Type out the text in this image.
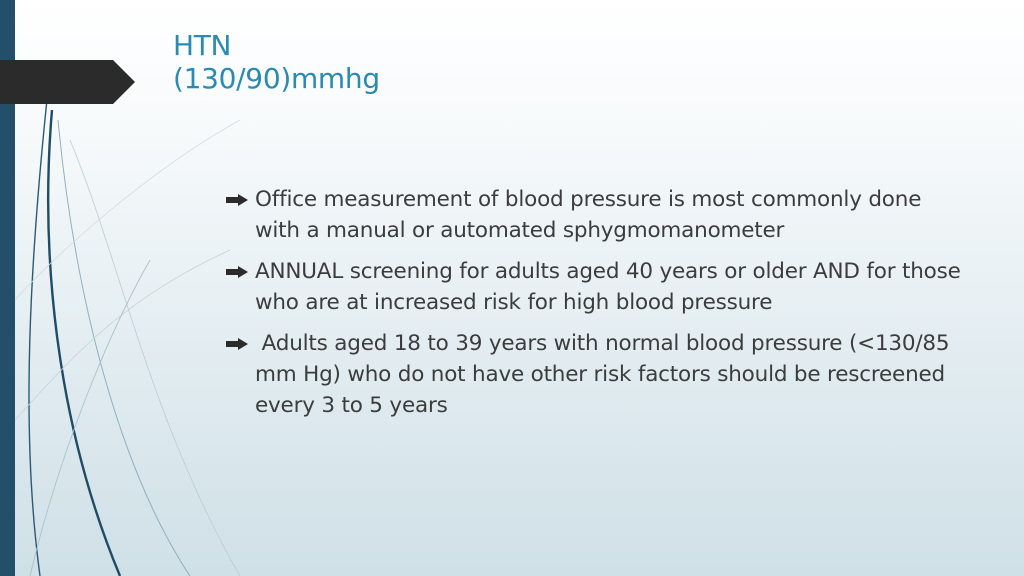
HTN
(130/90)mmhg
Office measurement of blood pressure is most commonly done with a manual or automated sphygmomanometer
ANNUAL screening for adults aged 40 years or older AND for those who are at increased risk for high blood pressure
Adults aged 18 to 39 years with normal blood pressure (<130/85 mm Hg) who do not have other risk factors should be rescreened every 3 to 5 years
